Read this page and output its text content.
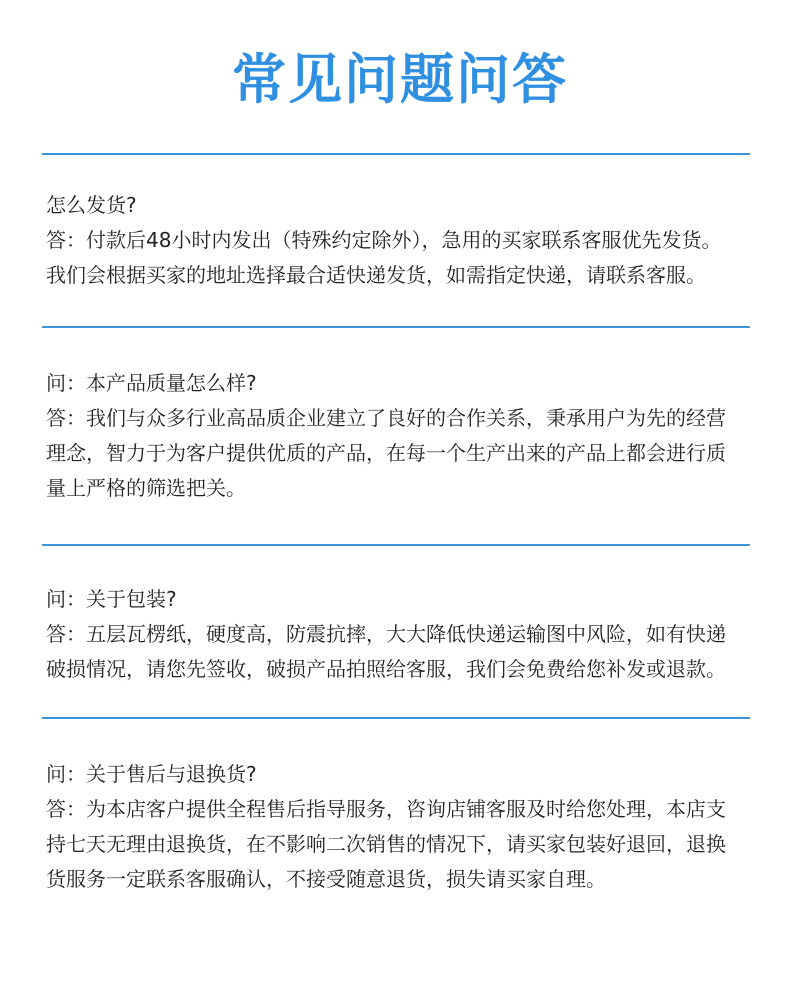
常见问题问答

怎么发货?

答：付款后48小时内发出（特殊约定除外），急用的买家联系客服优先发货。

我们会根据买家的地址选择最合适快递发货，如需指定快递，请联系客服。

问：本产品质量怎么样?

答：我们与众多行业高品质企业建立了良好的合作关系，秉承用户为先的经营

理念，智力于为客户提供优质的产品，在每一个生产出来的产品上都会进行质

量上严格的筛选把关。

问：关于包装?

答：五层瓦楞纸，硬度高，防震抗摔，大大降低快递运输图中风险，如有快递

破损情况，请您先签收，破损产品拍照给客服，我们会免费给您补发或退款。

问：关于售后与退换货?

答：为本店客户提供全程售后指导服务，咨询店铺客服及时给您处理，本店支

持七天无理由退换货，在不影响二次销售的情况下，请买家包装好退回，退换

货服务一定联系客服确认，不接受随意退货，损失请买家自理。
